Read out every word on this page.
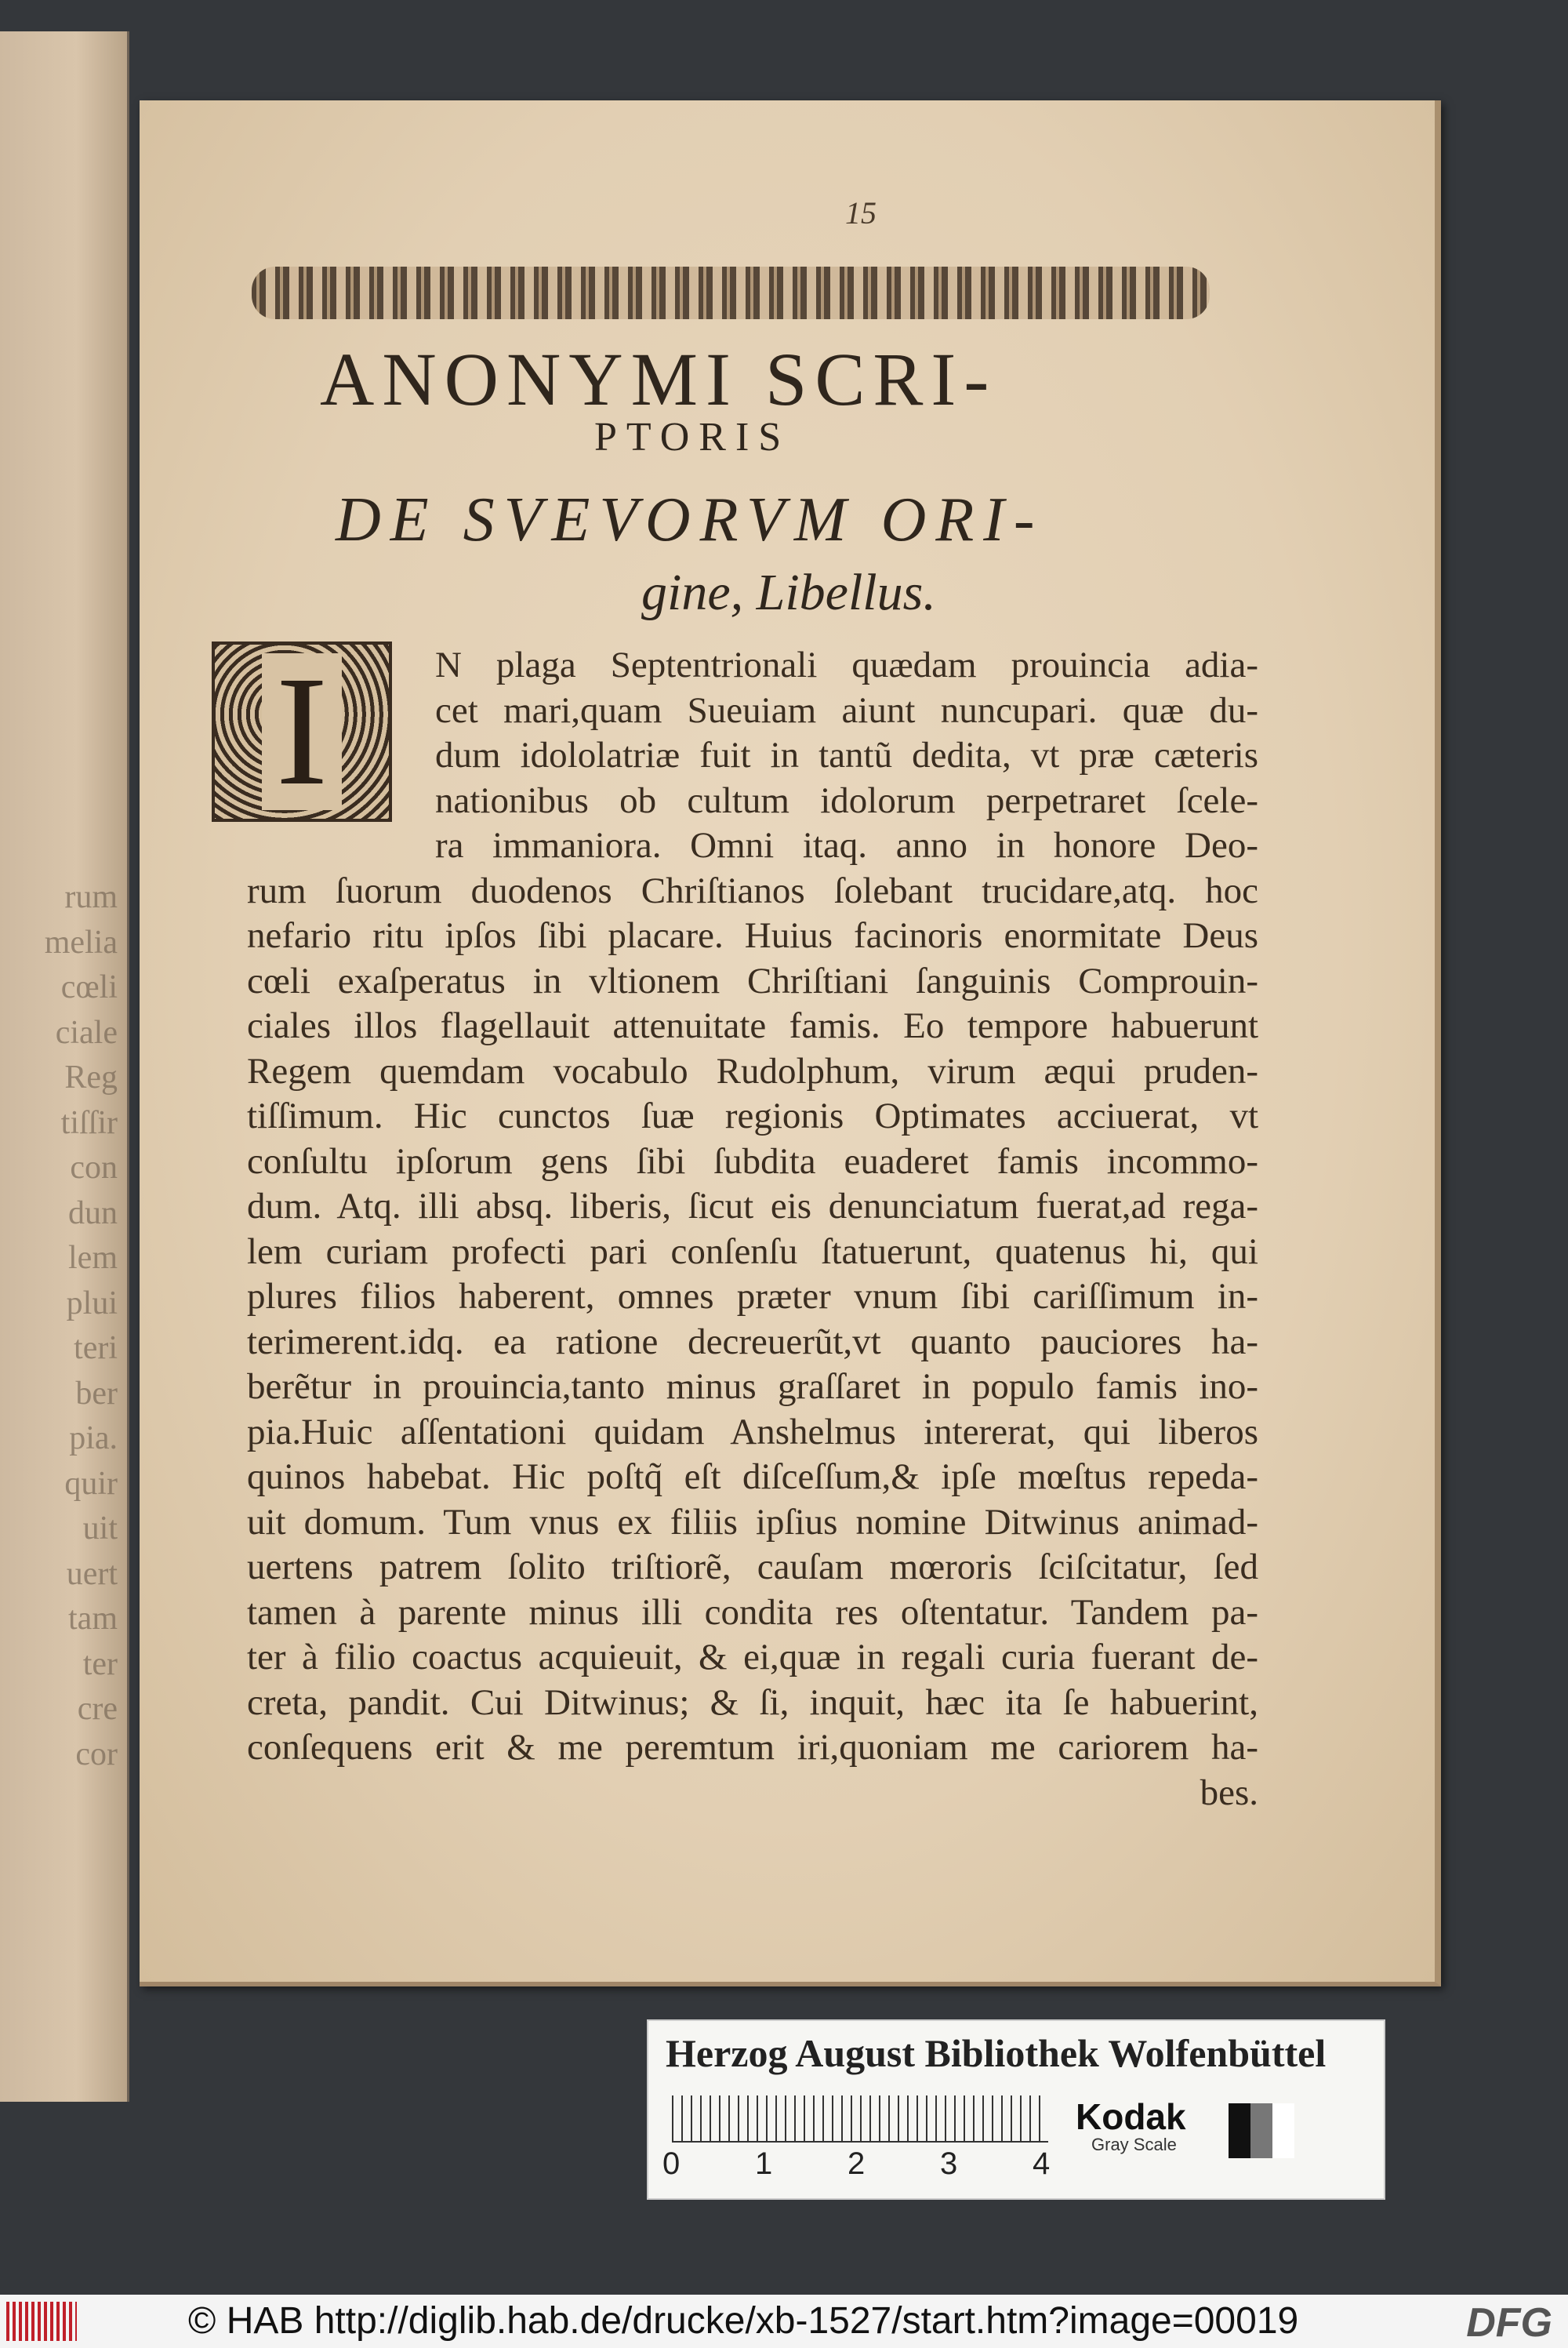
rum
melia
cœli
ciale
Reg
tiſſir
con
dun
lem
plui
teri
ber
pia.
quir
uit
uert
tam
ter
cre
cor
15
ANONYMI SCRI-
PTORIS
DE SVEVORVM ORI-
gine, Libellus.
I	N plaga Septentrionali quædam prouincia adia-
cet mari,quam Sueuiam aiunt nuncupari. quæ du-
dum idololatriæ fuit in tantũ dedita, vt præ cæteris
nationibus ob cultum idolorum perpetraret ſcele-
ra immaniora. Omni itaq. anno in honore Deo-
rum ſuorum duodenos Chriſtianos ſolebant trucidare,atq. hoc
nefario ritu ipſos ſibi placare. Huius facinoris enormitate Deus
cœli exaſperatus in vltionem Chriſtiani ſanguinis Comprouin-
ciales illos flagellauit attenuitate famis. Eo tempore habuerunt
Regem quemdam vocabulo Rudolphum, virum æqui pruden-
tiſſimum. Hic cunctos ſuæ regionis Optimates acciuerat, vt
conſultu ipſorum gens ſibi ſubdita euaderet famis incommo-
dum. Atq. illi absq. liberis, ſicut eis denunciatum fuerat,ad rega-
lem curiam profecti pari conſenſu ſtatuerunt, quatenus hi, qui
plures filios haberent, omnes præter vnum ſibi cariſſimum in-
terimerent.idq. ea ratione decreuerũt,vt quanto pauciores ha-
berẽtur in prouincia,tanto minus graſſaret in populo famis ino-
pia.Huic aſſentationi quidam Anshelmus intererat, qui liberos
quinos habebat. Hic poſtq̃ eſt diſceſſum,& ipſe mœſtus repeda-
uit domum. Tum vnus ex filiis ipſius nomine Ditwinus animad-
uertens patrem ſolito triſtiorẽ, cauſam mœroris ſciſcitatur, ſed
tamen à parente minus illi condita res oſtentatur. Tandem pa-
ter à filio coactus acquieuit, & ei,quæ in regali curia fuerant de-
creta, pandit. Cui Ditwinus; & ſi, inquit, hæc ita ſe habuerint,
conſequens erit & me peremtum iri,quoniam me cariorem ha-
bes.
Herzog August Bibliothek Wolfenbüttel
0 1 2 3 4
Kodak
Gray Scale
© HAB http://diglib.hab.de/drucke/xb-1527/start.htm?image=00019	DFG
